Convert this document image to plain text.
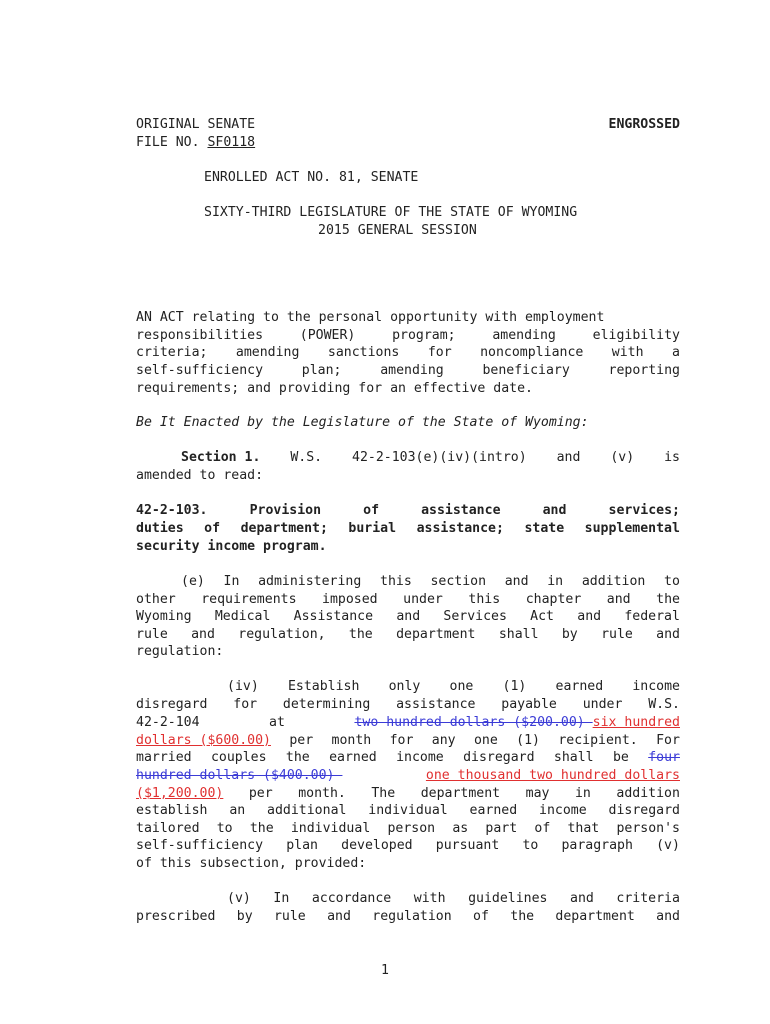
ORIGINAL SENATE	ENGROSSED
FILE NO. SF0118
ENROLLED ACT NO. 81, SENATE
SIXTY-THIRD LEGISLATURE OF THE STATE OF WYOMING
2015 GENERAL SESSION
AN ACT relating to the personal opportunity with employment
responsibilities	(POWER)	program;	amending	eligibility
criteria; amending sanctions for noncompliance with a
self-sufficiency	plan;	amending	beneficiary	reporting
requirements; and providing for an effective date.
Be It Enacted by the Legislature of the State of Wyoming:
Section 1. W.S. 42-2-103(e)(iv)(intro) and (v) is
amended to read:
42-2-103.	Provision	of	assistance	and	services;
duties of department; burial assistance; state supplemental
security income program.
(e) In administering this section and in addition to
other requirements imposed under this chapter and the
Wyoming Medical Assistance and Services Act and federal
rule and regulation, the department shall by rule and
regulation:
(iv) Establish only one (1) earned income
disregard for determining assistance payable under W.S.
42-2-104	at	two hundred dollars ($200.00) six hundred
dollars ($600.00) per month for any one (1) recipient. For
married couples the earned income disregard shall be four
hundred dollars ($400.00)	one thousand two hundred dollars
($1,200.00) per month. The department may in addition
establish an additional individual earned income disregard
tailored to the individual person as part of that person's
self-sufficiency plan developed pursuant to paragraph (v)
of this subsection, provided:
(v) In accordance with guidelines and criteria
prescribed by rule and regulation of the department and
1
